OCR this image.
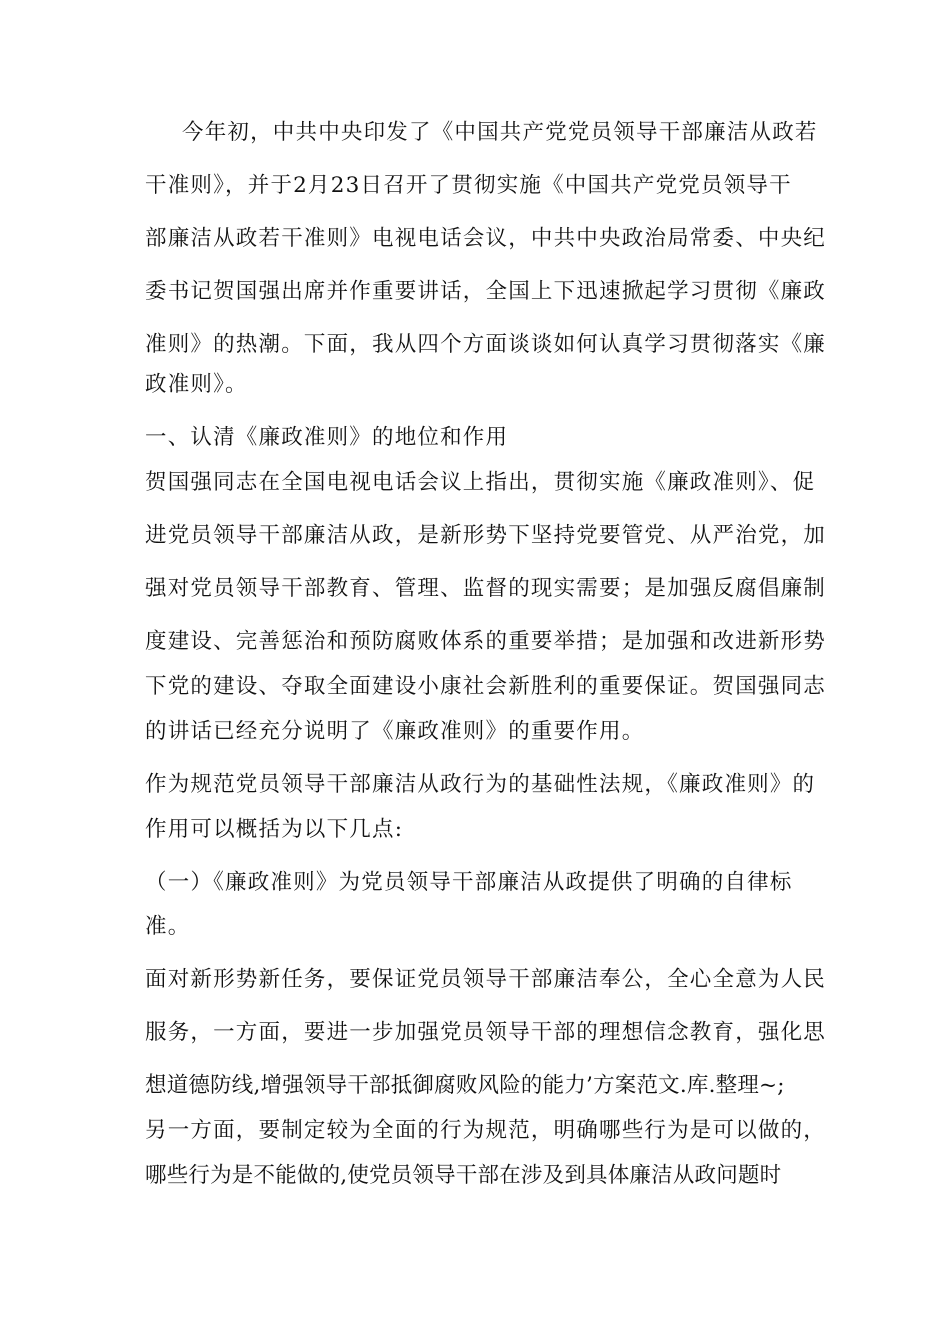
今年初，中共中央印发了《中国共产党党员领导干部廉洁从政若
干准则》，并于2月23日召开了贯彻实施《中国共产党党员领导干
部廉洁从政若干准则》电视电话会议，中共中央政治局常委、中央纪
委书记贺国强出席并作重要讲话，全国上下迅速掀起学习贯彻《廉政
准则》的热潮。下面，我从四个方面谈谈如何认真学习贯彻落实《廉
政准则》。
一、认清《廉政准则》的地位和作用
贺国强同志在全国电视电话会议上指出，贯彻实施《廉政准则》、促
进党员领导干部廉洁从政，是新形势下坚持党要管党、从严治党，加
强对党员领导干部教育、管理、监督的现实需要；是加强反腐倡廉制
度建设、完善惩治和预防腐败体系的重要举措；是加强和改进新形势
下党的建设、夺取全面建设小康社会新胜利的重要保证。贺国强同志
的讲话已经充分说明了《廉政准则》的重要作用。
作为规范党员领导干部廉洁从政行为的基础性法规，《廉政准则》的
作用可以概括为以下几点:
（一）《廉政准则》为党员领导干部廉洁从政提供了明确的自律标
准。
面对新形势新任务，要保证党员领导干部廉洁奉公，全心全意为人民
服务，一方面，要进一步加强党员领导干部的理想信念教育，强化思
想道德防线,增强领导干部抵御腐败风险的能力’方案范文.库.整理~;
另一方面，要制定较为全面的行为规范，明确哪些行为是可以做的，
哪些行为是不能做的,使党员领导干部在涉及到具体廉洁从政问题时
